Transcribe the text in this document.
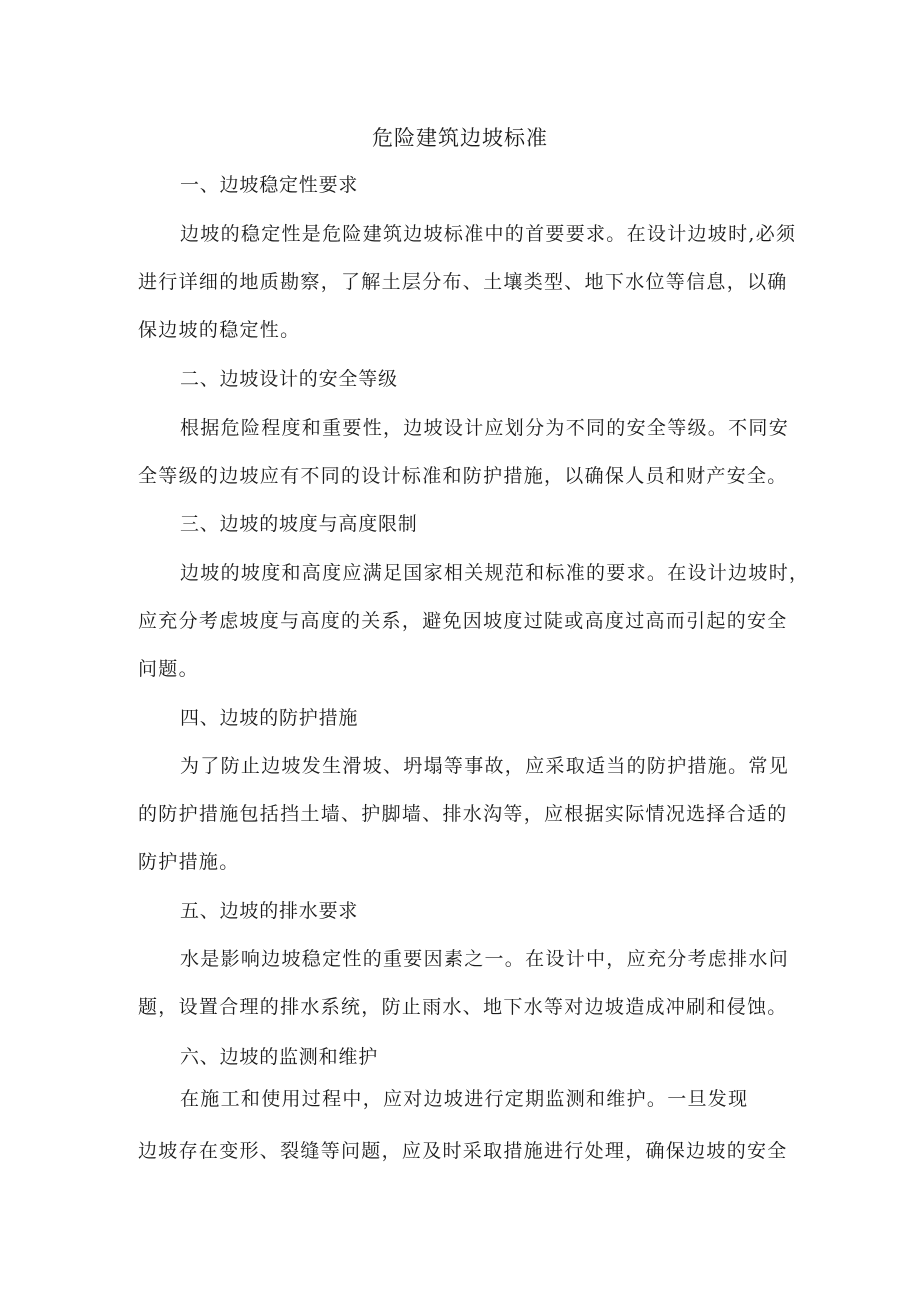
危险建筑边坡标准
一、边坡稳定性要求
边坡的稳定性是危险建筑边坡标准中的首要要求。在设计边坡时,必须
进行详细的地质勘察，了解土层分布、土壤类型、地下水位等信息，以确
保边坡的稳定性。
二、边坡设计的安全等级
根据危险程度和重要性，边坡设计应划分为不同的安全等级。不同安
全等级的边坡应有不同的设计标准和防护措施，以确保人员和财产安全。
三、边坡的坡度与高度限制
边坡的坡度和高度应满足国家相关规范和标准的要求。在设计边坡时，
应充分考虑坡度与高度的关系，避免因坡度过陡或高度过高而引起的安全
问题。
四、边坡的防护措施
为了防止边坡发生滑坡、坍塌等事故，应采取适当的防护措施。常见
的防护措施包括挡土墙、护脚墙、排水沟等，应根据实际情况选择合适的
防护措施。
五、边坡的排水要求
水是影响边坡稳定性的重要因素之一。在设计中，应充分考虑排水问
题，设置合理的排水系统，防止雨水、地下水等对边坡造成冲刷和侵蚀。
六、边坡的监测和维护
在施工和使用过程中，应对边坡进行定期监测和维护。一旦发现
边坡存在变形、裂缝等问题，应及时采取措施进行处理，确保边坡的安全
